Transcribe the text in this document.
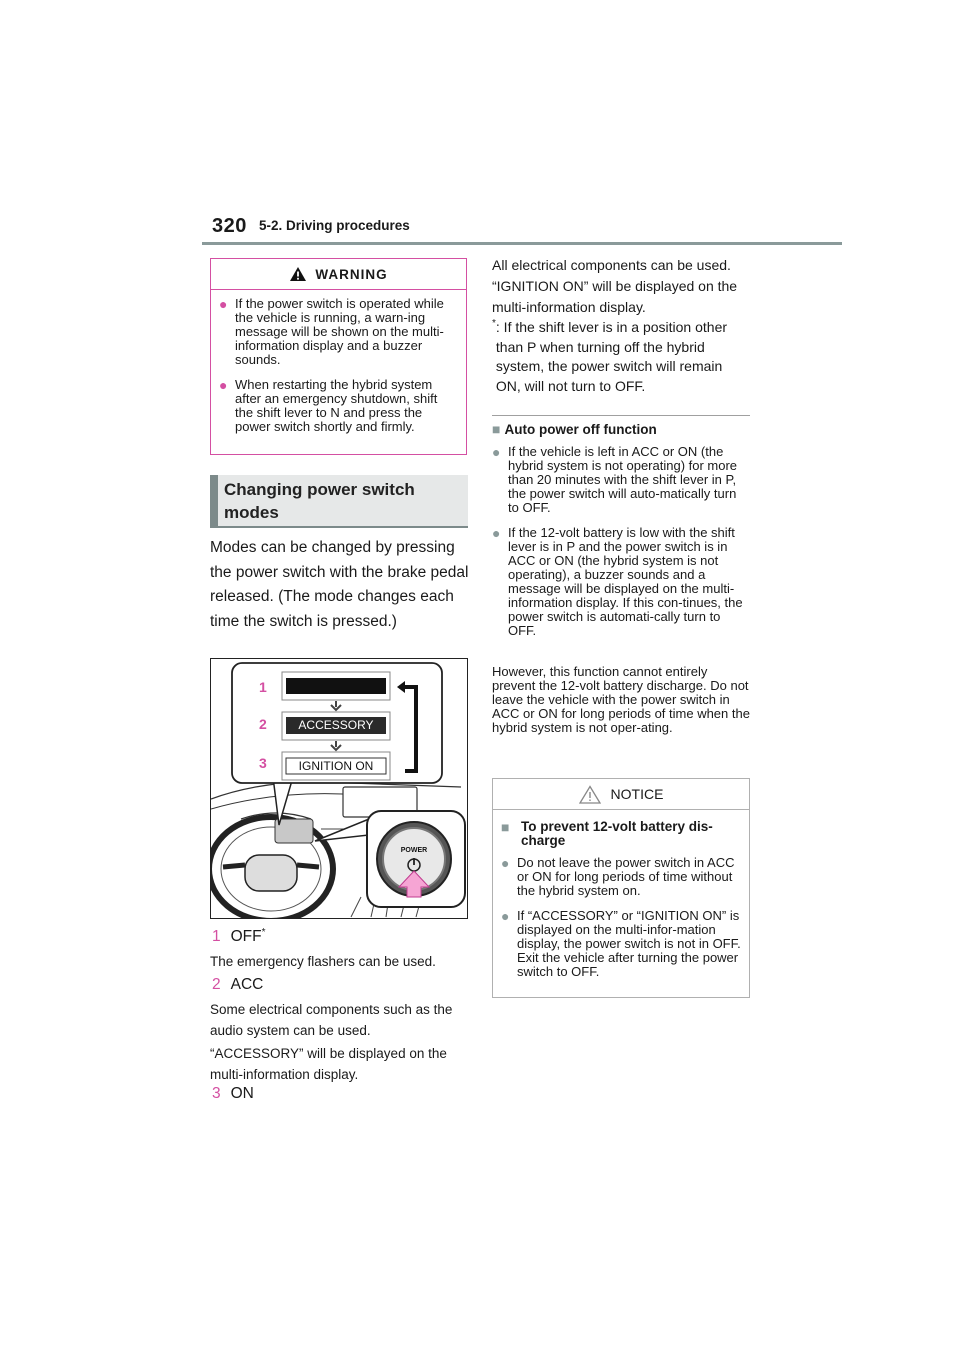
320 5-2. Driving procedures
WARNING
● If the power switch is operated while the vehicle is running, a warn-ing message will be shown on the multi-information display and a buzzer sounds.
● When restarting the hybrid system after an emergency shutdown, shift the shift lever to N and press the power switch shortly and firmly.
Changing power switch modes
Modes can be changed by pressing the power switch with the brake pedal released. (The mode changes each time the switch is pressed.)
1
2
3
ACCESSORY
IGNITION ON
POWER
1 OFF*
The emergency flashers can be used.
2 ACC
Some electrical components such as the audio system can be used.
“ACCESSORY” will be displayed on the multi-information display.
3 ON
All electrical components can be used.
“IGNITION ON” will be displayed on the multi-information display.
* : If the shift lever is in a position other than P when turning off the hybrid system, the power switch will remain ON, will not turn to OFF.
■ Auto power off function
● If the vehicle is left in ACC or ON (the hybrid system is not operating) for more than 20 minutes with the shift lever in P, the power switch will auto-matically turn to OFF.
● If the 12-volt battery is low with the shift lever is in P and the power switch is in ACC or ON (the hybrid system is not operating), a buzzer sounds and a message will be displayed on the multi-information display. If this con-tinues, the power switch is automati-cally turn to OFF.
However, this function cannot entirely prevent the 12-volt battery discharge. Do not leave the vehicle with the power switch in ACC or ON for long periods of time when the hybrid system is not oper-ating.
NOTICE
■ To prevent 12-volt battery dis-charge
● Do not leave the power switch in ACC or ON for long periods of time without the hybrid system on.
● If “ACCESSORY” or “IGNITION ON” is displayed on the multi-infor-mation display, the power switch is not in OFF. Exit the vehicle after turning the power switch to OFF.
